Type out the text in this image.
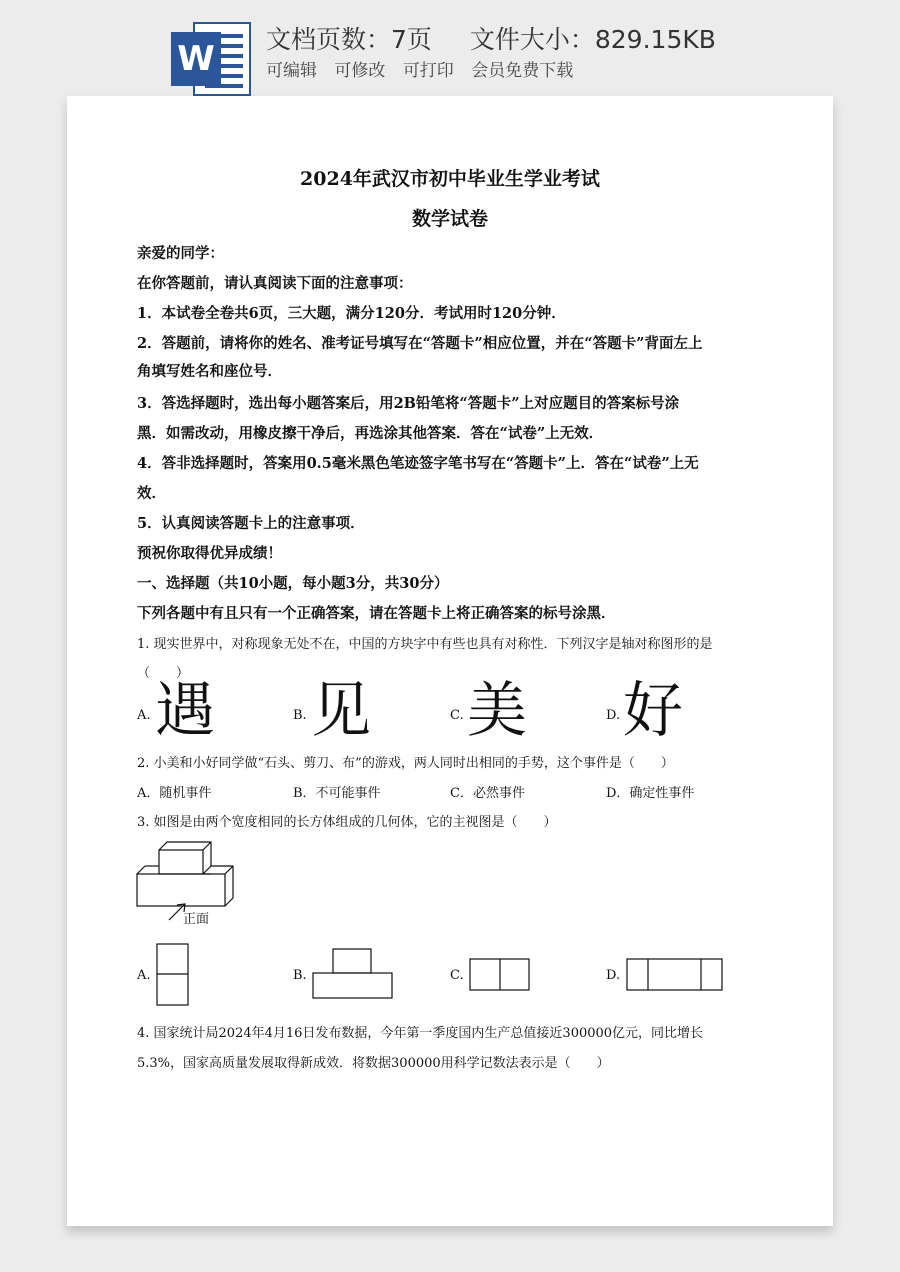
W 文档页数：7页 文件大小：829.15KB
可编辑 可修改 可打印 会员免费下载
2024年武汉市初中毕业生学业考试
数学试卷
亲爱的同学：
在你答题前，请认真阅读下面的注意事项：
1．本试卷全卷共6页，三大题，满分120分．考试用时120分钟．
2．答题前，请将你的姓名、准考证号填写在“答题卡”相应位置，并在“答题卡”背面左上
角填写姓名和座位号．
3．答选择题时，选出每小题答案后，用2B铅笔将“答题卡”上对应题目的答案标号涂
黑．如需改动，用橡皮擦干净后，再选涂其他答案．答在“试卷”上无效．
4．答非选择题时，答案用0.5毫米黑色笔迹签字笔书写在“答题卡”上．答在“试卷”上无
效．
5．认真阅读答题卡上的注意事项．
预祝你取得优异成绩！
一、选择题（共10小题，每小题3分，共30分）
下列各题中有且只有一个正确答案，请在答题卡上将正确答案的标号涂黑．
1. 现实世界中，对称现象无处不在，中国的方块字中有些也具有对称性．下列汉字是轴对称图形的是
（　　）
A. 遇	B. 见	C. 美	D. 好
2. 小美和小好同学做“石头、剪刀、布”的游戏，两人同时出相同的手势，这个事件是（　　）
A．随机事件	B．不可能事件	C．必然事件	D．确定性事件
3. 如图是由两个宽度相同的长方体组成的几何体，它的主视图是（　　）
正面
A.	B.	C.	D.
4. 国家统计局2024年4月16日发布数据，今年第一季度国内生产总值接近300000亿元，同比增长
5.3%，国家高质量发展取得新成效．将数据300000用科学记数法表示是（　　）
